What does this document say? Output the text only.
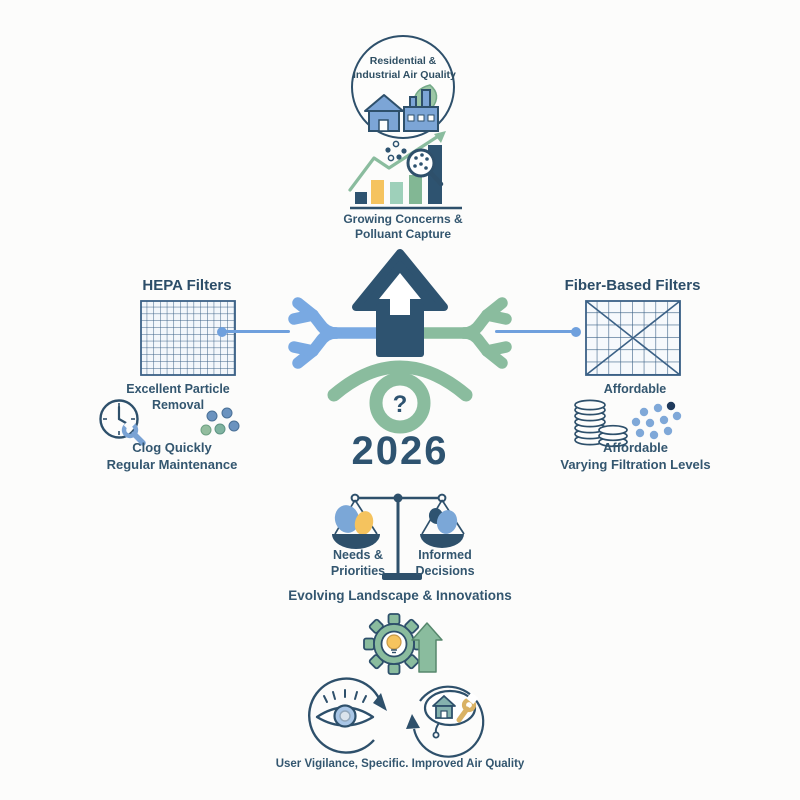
Residential &
Industrial Air Quality
Growing Concerns &
Polluant Capture
HEPA Filters
Excellent Particle
Removal
Clog Quickly
Regular Maintenance
Fiber-Based Filters
Affordable
Affordable
Varying Filtration Levels
?
2026
Needs &
Priorities
Informed
Decisions
Evolving Landscape & Innovations
User Vigilance, Specific. Improved Air Quality
